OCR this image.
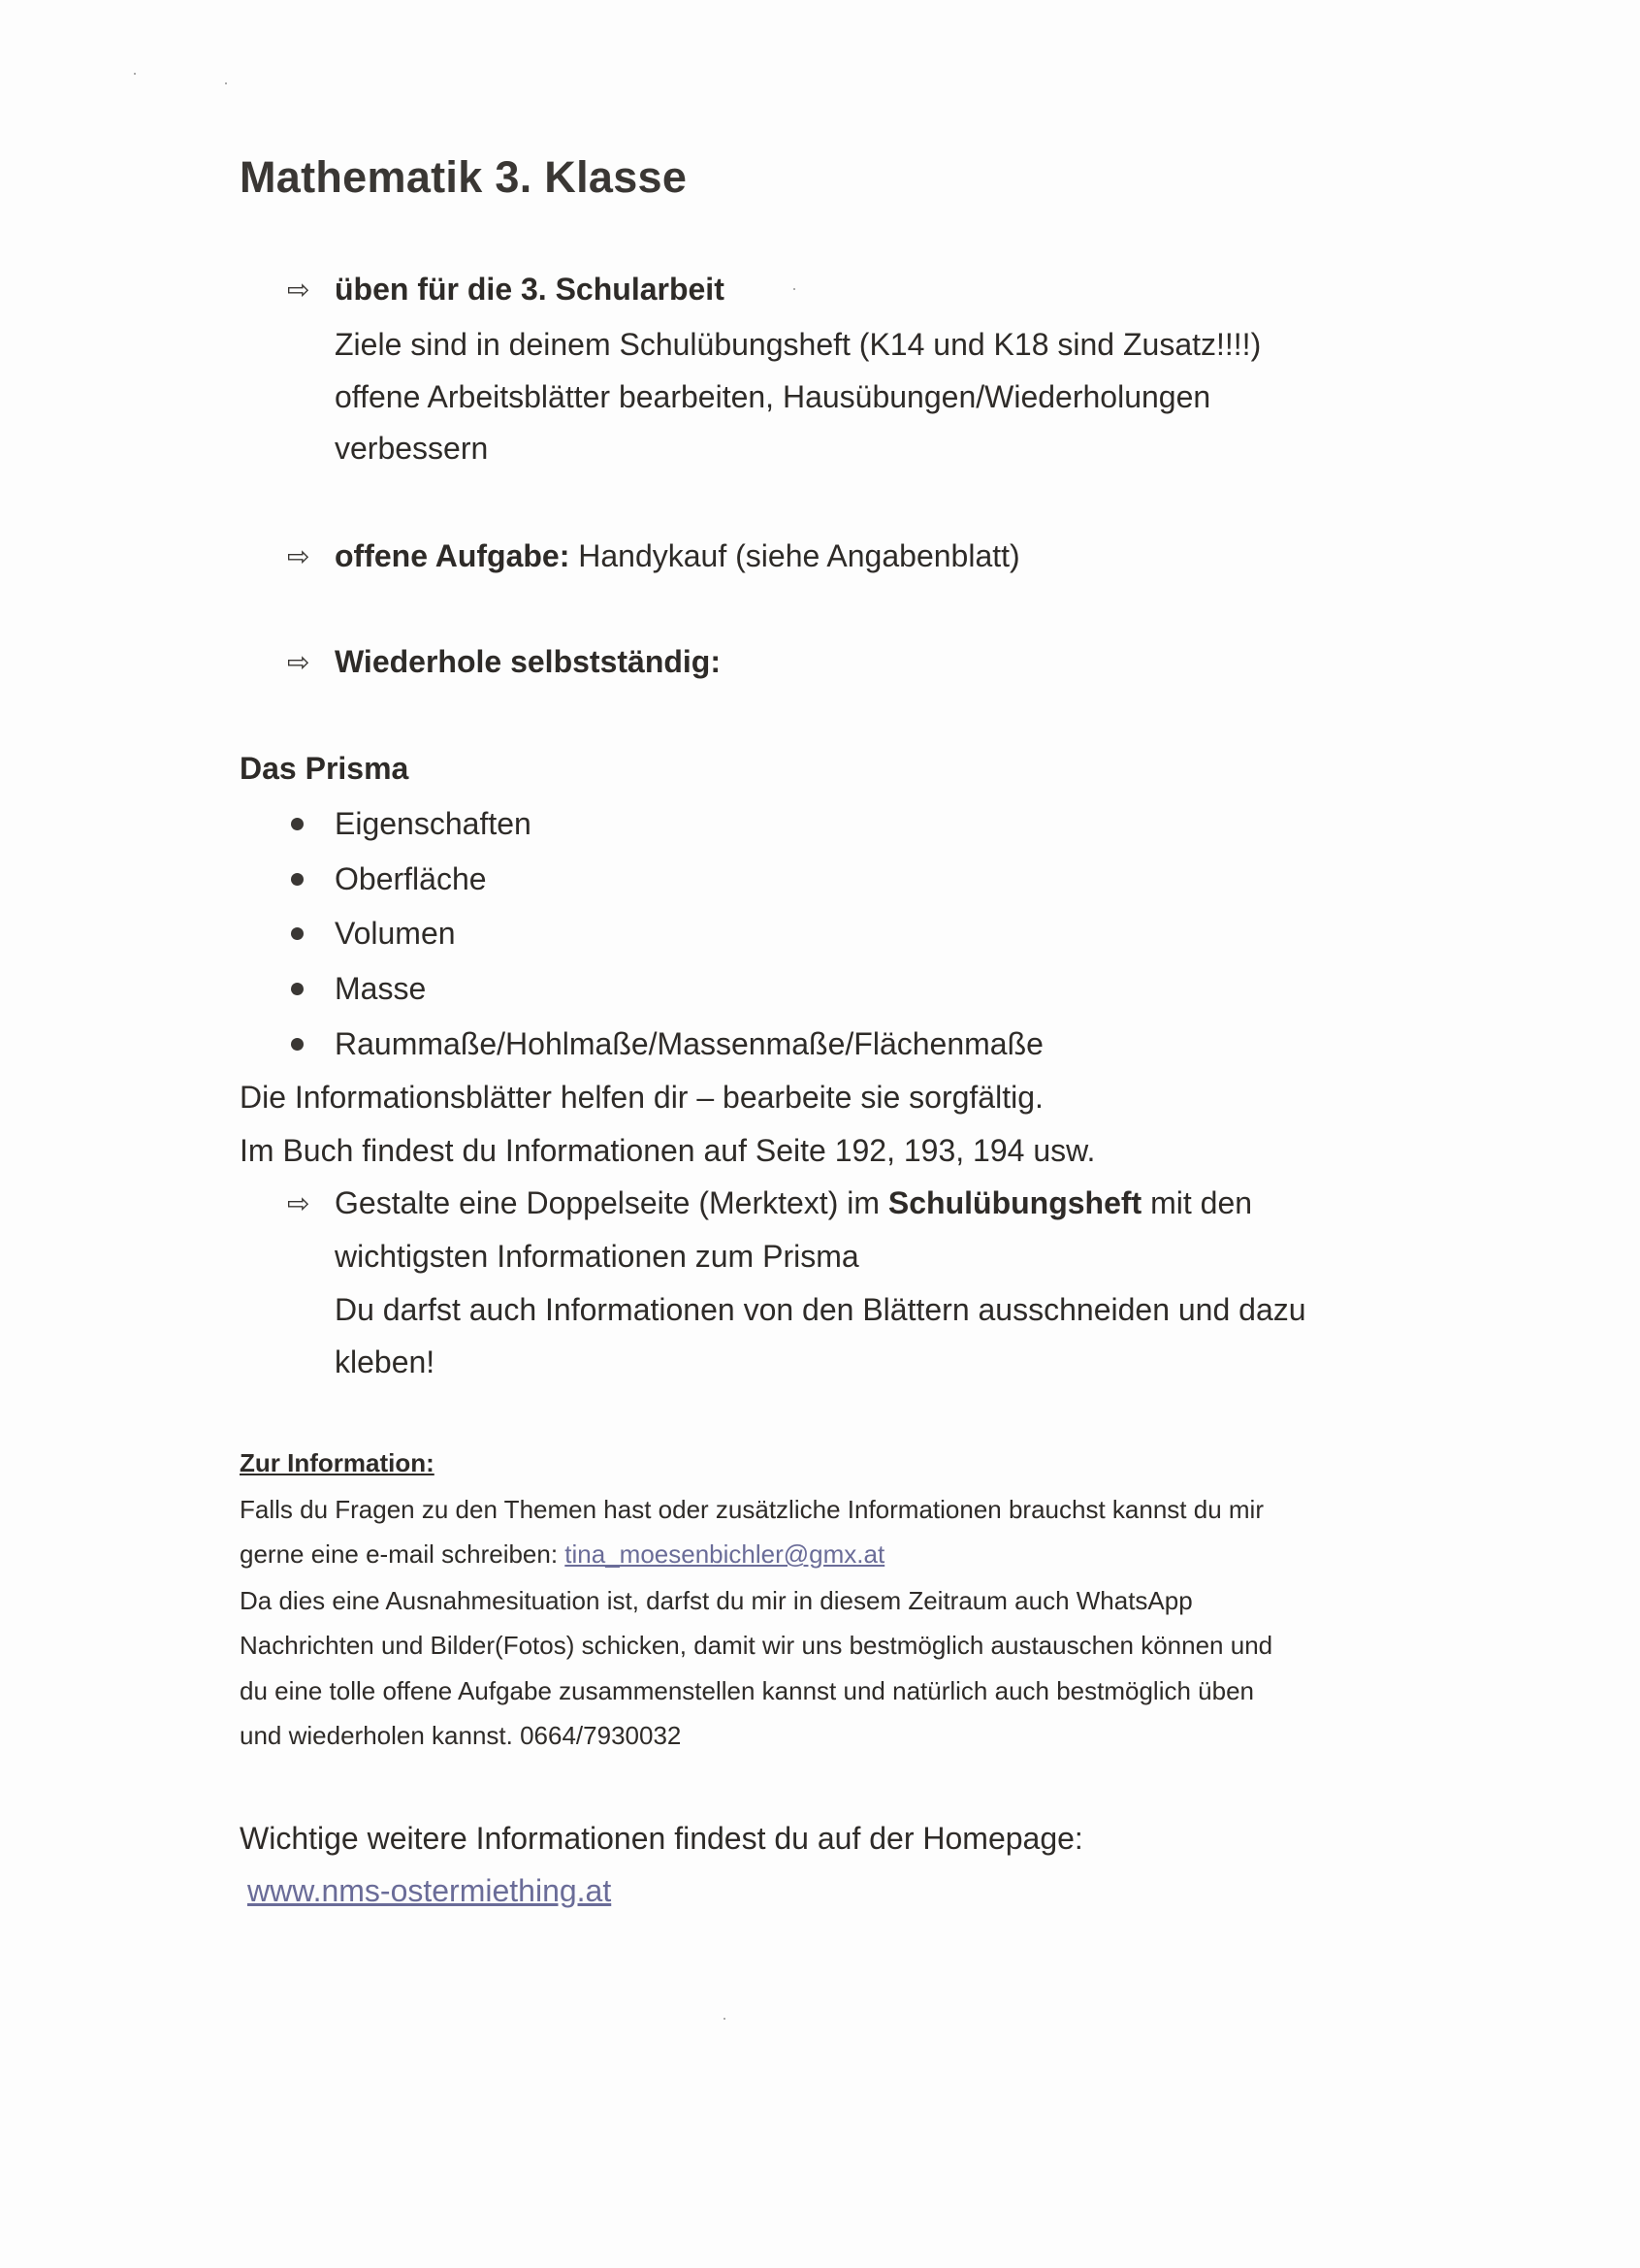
Mathematik 3. Klasse
⇨ üben für die 3. Schularbeit
Ziele sind in deinem Schulübungsheft (K14 und K18 sind Zusatz!!!!)
offene Arbeitsblätter bearbeiten, Hausübungen/Wiederholungen
verbessern
⇨ offene Aufgabe: Handykauf (siehe Angabenblatt)
⇨ Wiederhole selbstständig:
Das Prisma
Eigenschaften
Oberfläche
Volumen
Masse
Raummaße/Hohlmaße/Massenmaße/Flächenmaße
Die Informationsblätter helfen dir – bearbeite sie sorgfältig.
Im Buch findest du Informationen auf Seite 192, 193, 194 usw.
⇨ Gestalte eine Doppelseite (Merktext) im Schulübungsheft mit den
wichtigsten Informationen zum Prisma
Du darfst auch Informationen von den Blättern ausschneiden und dazu
kleben!
Zur Information:
Falls du Fragen zu den Themen hast oder zusätzliche Informationen brauchst kannst du mir
gerne eine e-mail schreiben: tina_moesenbichler@gmx.at
Da dies eine Ausnahmesituation ist, darfst du mir in diesem Zeitraum auch WhatsApp
Nachrichten und Bilder(Fotos) schicken, damit wir uns bestmöglich austauschen können und
du eine tolle offene Aufgabe zusammenstellen kannst und natürlich auch bestmöglich üben
und wiederholen kannst. 0664/7930032
Wichtige weitere Informationen findest du auf der Homepage:
www.nms-ostermiething.at
